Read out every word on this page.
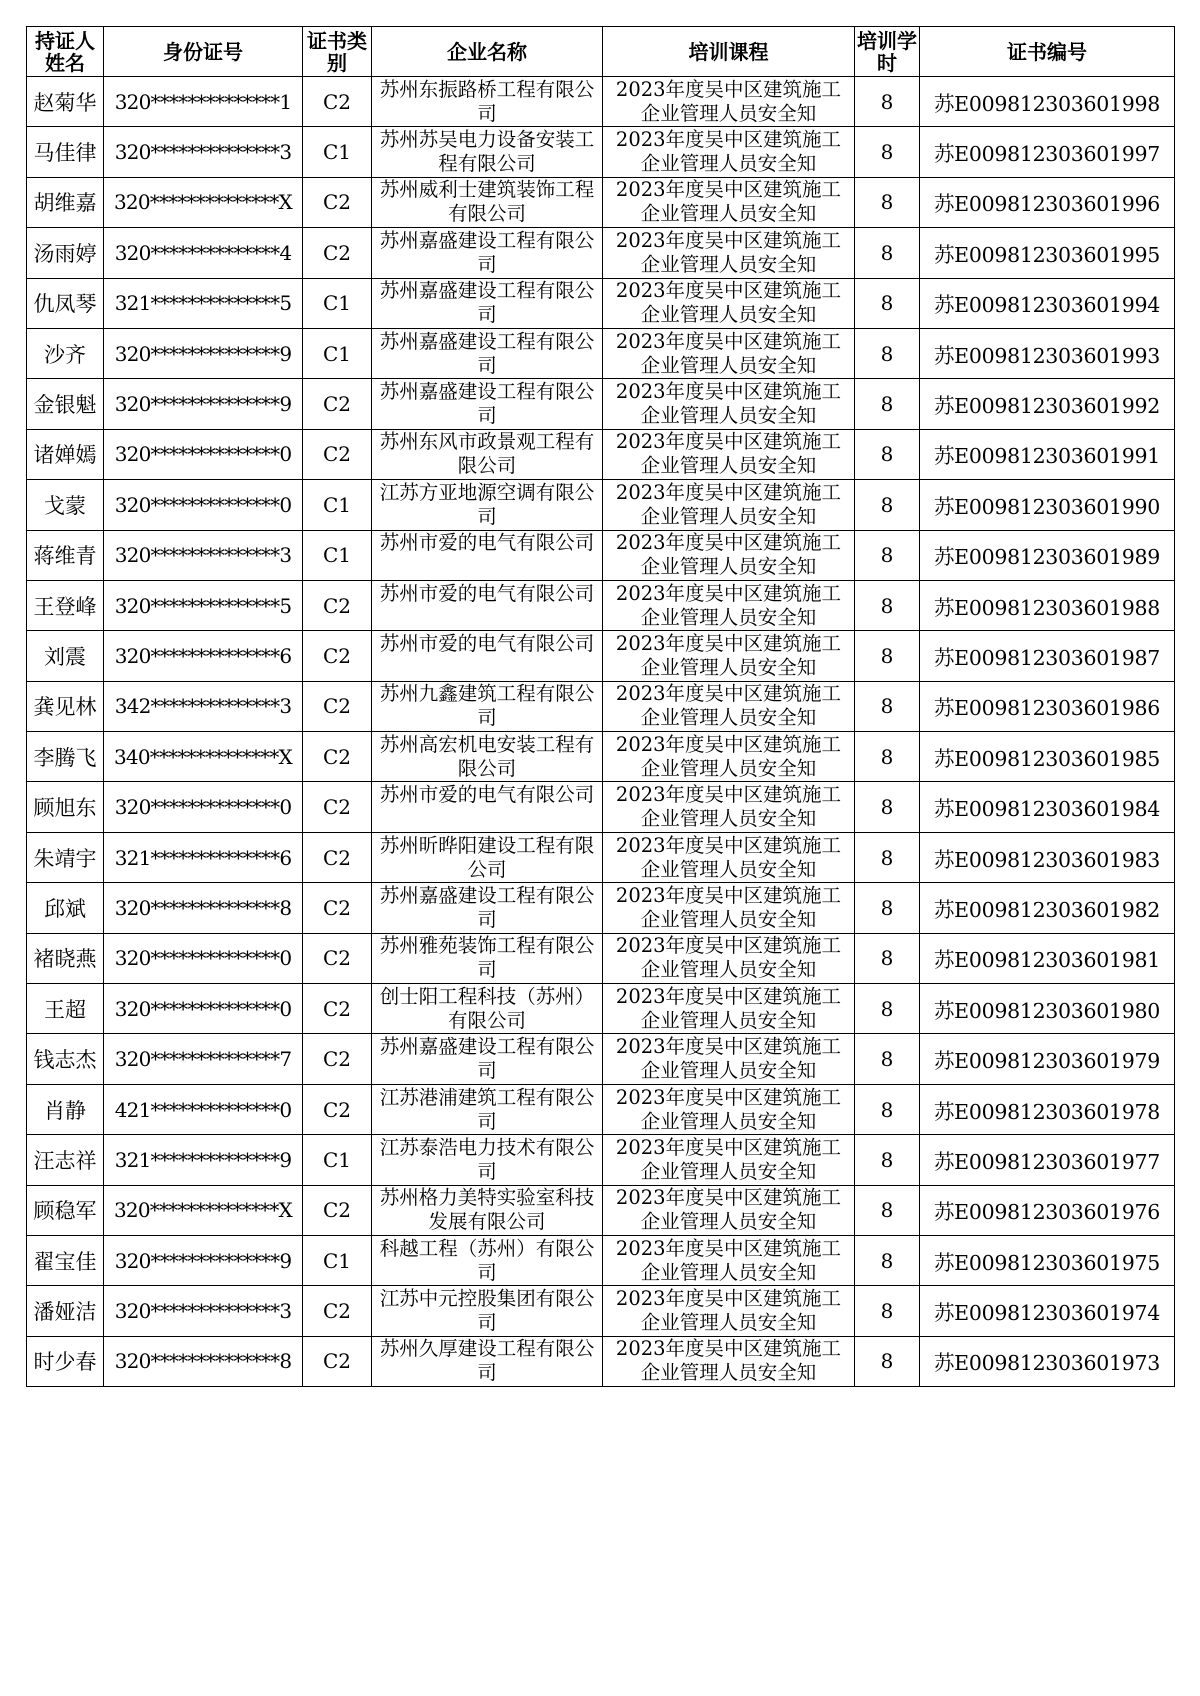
持证人姓名	身份证号	证书类别	企业名称	培训课程	培训学时	证书编号
赵菊华	320**************1	C2	苏州东振路桥工程有限公司	2023年度吴中区建筑施工企业管理人员安全知	8	苏E009812303601998
马佳律	320**************3	C1	苏州苏吴电力设备安装工程有限公司	2023年度吴中区建筑施工企业管理人员安全知	8	苏E009812303601997
胡维嘉	320**************X	C2	苏州威利士建筑装饰工程有限公司	2023年度吴中区建筑施工企业管理人员安全知	8	苏E009812303601996
汤雨婷	320**************4	C2	苏州嘉盛建设工程有限公司	2023年度吴中区建筑施工企业管理人员安全知	8	苏E009812303601995
仇凤琴	321**************5	C1	苏州嘉盛建设工程有限公司	2023年度吴中区建筑施工企业管理人员安全知	8	苏E009812303601994
沙齐	320**************9	C1	苏州嘉盛建设工程有限公司	2023年度吴中区建筑施工企业管理人员安全知	8	苏E009812303601993
金银魁	320**************9	C2	苏州嘉盛建设工程有限公司	2023年度吴中区建筑施工企业管理人员安全知	8	苏E009812303601992
诸婵嫣	320**************0	C2	苏州东风市政景观工程有限公司	2023年度吴中区建筑施工企业管理人员安全知	8	苏E009812303601991
戈蒙	320**************0	C1	江苏方亚地源空调有限公司	2023年度吴中区建筑施工企业管理人员安全知	8	苏E009812303601990
蒋维青	320**************3	C1	苏州市爱的电气有限公司	2023年度吴中区建筑施工企业管理人员安全知	8	苏E009812303601989
王登峰	320**************5	C2	苏州市爱的电气有限公司	2023年度吴中区建筑施工企业管理人员安全知	8	苏E009812303601988
刘震	320**************6	C2	苏州市爱的电气有限公司	2023年度吴中区建筑施工企业管理人员安全知	8	苏E009812303601987
龚见林	342**************3	C2	苏州九鑫建筑工程有限公司	2023年度吴中区建筑施工企业管理人员安全知	8	苏E009812303601986
李腾飞	340**************X	C2	苏州高宏机电安装工程有限公司	2023年度吴中区建筑施工企业管理人员安全知	8	苏E009812303601985
顾旭东	320**************0	C2	苏州市爱的电气有限公司	2023年度吴中区建筑施工企业管理人员安全知	8	苏E009812303601984
朱靖宇	321**************6	C2	苏州昕晔阳建设工程有限公司	2023年度吴中区建筑施工企业管理人员安全知	8	苏E009812303601983
邱斌	320**************8	C2	苏州嘉盛建设工程有限公司	2023年度吴中区建筑施工企业管理人员安全知	8	苏E009812303601982
褚晓燕	320**************0	C2	苏州雅苑装饰工程有限公司	2023年度吴中区建筑施工企业管理人员安全知	8	苏E009812303601981
王超	320**************0	C2	创士阳工程科技（苏州）有限公司	2023年度吴中区建筑施工企业管理人员安全知	8	苏E009812303601980
钱志杰	320**************7	C2	苏州嘉盛建设工程有限公司	2023年度吴中区建筑施工企业管理人员安全知	8	苏E009812303601979
肖静	421**************0	C2	江苏港浦建筑工程有限公司	2023年度吴中区建筑施工企业管理人员安全知	8	苏E009812303601978
汪志祥	321**************9	C1	江苏泰浩电力技术有限公司	2023年度吴中区建筑施工企业管理人员安全知	8	苏E009812303601977
顾稳军	320**************X	C2	苏州格力美特实验室科技发展有限公司	2023年度吴中区建筑施工企业管理人员安全知	8	苏E009812303601976
翟宝佳	320**************9	C1	科越工程（苏州）有限公司	2023年度吴中区建筑施工企业管理人员安全知	8	苏E009812303601975
潘娅洁	320**************3	C2	江苏中元控股集团有限公司	2023年度吴中区建筑施工企业管理人员安全知	8	苏E009812303601974
时少春	320**************8	C2	苏州久厚建设工程有限公司	2023年度吴中区建筑施工企业管理人员安全知	8	苏E009812303601973
